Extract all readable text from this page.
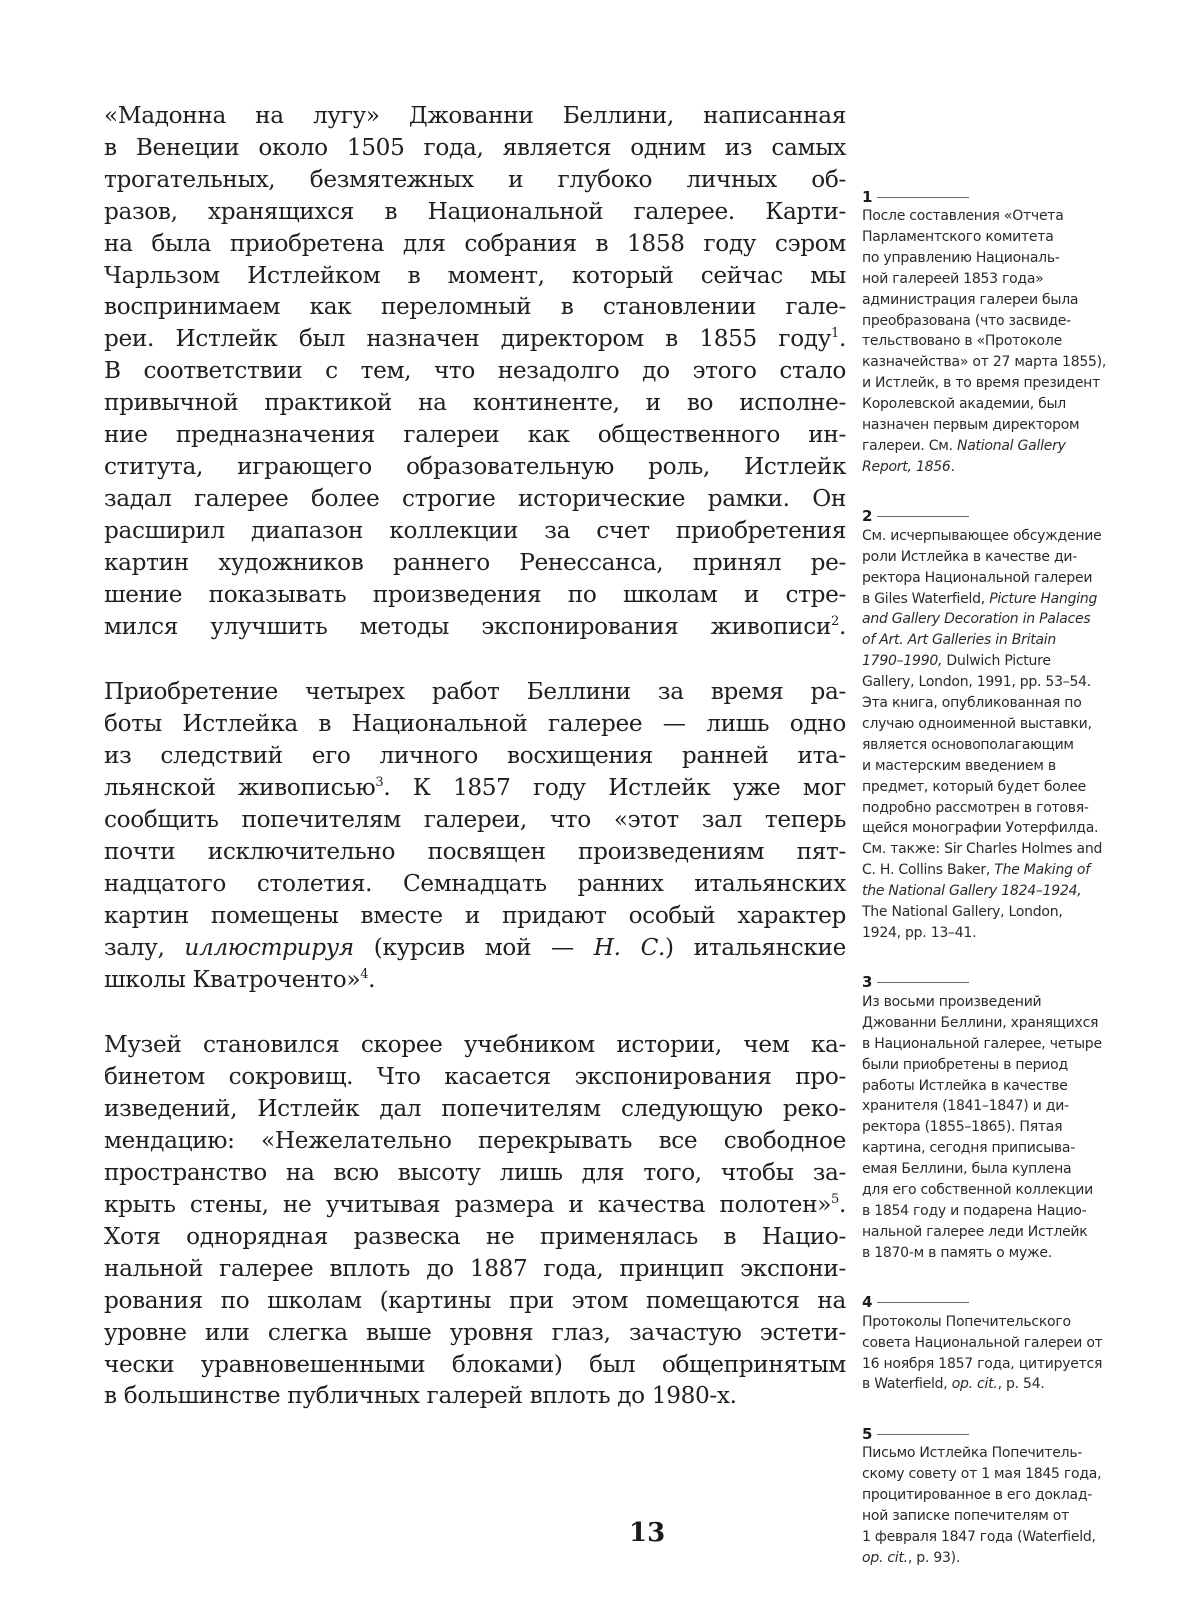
«Мадонна на лугу» Джованни Беллини, написанная
в Венеции около 1505 года, является одним из самых
трогательных, безмятежных и глубоко личных об-
разов, хранящихся в Национальной галерее. Карти-
на была приобретена для собрания в 1858 году сэром
Чарльзом Истлейком в момент, который сейчас мы
воспринимаем как переломный в становлении гале-
реи. Истлейк был назначен директором в 1855 году$^1$.
В соответствии с тем, что незадолго до этого стало
привычной практикой на континенте, и во исполне-
ние предназначения галереи как общественного ин-
ститута, играющего образовательную роль, Истлейк
задал галерее более строгие исторические рамки. Он
расширил диапазон коллекции за счет приобретения
картин художников раннего Ренессанса, принял ре-
шение показывать произведения по школам и стре-
мился улучшить методы экспонирования живописи$^2$.

Приобретение четырех работ Беллини за время ра-
боты Истлейка в Национальной галерее — лишь одно
из следствий его личного восхищения ранней ита-
льянской живописью$^3$. К 1857 году Истлейк уже мог
сообщить попечителям галереи, что «этот зал теперь
почти исключительно посвящен произведениям пят-
надцатого столетия. Семнадцать ранних итальянских
картин помещены вместе и придают особый характер
залу, иллюстрируя (курсив мой — Н. С.) итальянские
школы Кватроченто»$^4$.

Музей становился скорее учебником истории, чем ка-
бинетом сокровищ. Что касается экспонирования про-
изведений, Истлейк дал попечителям следующую реко-
мендацию: «Нежелательно перекрывать все свободное
пространство на всю высоту лишь для того, чтобы за-
крыть стены, не учитывая размера и качества полотен»$^5$.
Хотя однорядная развеска не применялась в Нацио-
нальной галерее вплоть до 1887 года, принцип экспони-
рования по школам (картины при этом помещаются на
уровне или слегка выше уровня глаз, зачастую эстети-
чески уравновешенными блоками) был общепринятым
в большинстве публичных галерей вплоть до 1980-х.

1
После составления «Отчета
Парламентского комитета
по управлению Националь-
ной галереей 1853 года»
администрация галереи была
преобразована (что засвиде-
тельствовано в «Протоколе
казначейства» от 27 марта 1855),
и Истлейк, в то время президент
Королевской академии, был
назначен первым директором
галереи. См. National Gallery
Report, 1856.
2
См. исчерпывающее обсуждение
роли Истлейка в качестве ди-
ректора Национальной галереи
в Giles Waterfield, Picture Hanging
and Gallery Decoration in Palaces
of Art. Art Galleries in Britain
1790–1990, Dulwich Picture
Gallery, London, 1991, pp. 53–54.
Эта книга, опубликованная по
случаю одноименной выставки,
является основополагающим
и мастерским введением в
предмет, который будет более
подробно рассмотрен в готовя-
щейся монографии Уотерфилда.
См. также: Sir Charles Holmes and
C. H. Collins Baker, The Making of
the National Gallery 1824–1924,
The National Gallery, London,
1924, pp. 13–41.
3
Из восьми произведений
Джованни Беллини, хранящихся
в Национальной галерее, четыре
были приобретены в период
работы Истлейка в качестве
хранителя (1841–1847) и ди-
ректора (1855–1865). Пятая
картина, сегодня приписыва-
емая Беллини, была куплена
для его собственной коллекции
в 1854 году и подарена Нацио-
нальной галерее леди Истлейк
в 1870-м в память о муже.
4
Протоколы Попечительского
совета Национальной галереи от
16 ноября 1857 года, цитируется
в Waterfield, op. cit., p. 54.
5
Письмо Истлейка Попечитель-
скому совету от 1 мая 1845 года,
процитированное в его доклад-
ной записке попечителям от
1 февраля 1847 года (Waterfield,
op. cit., p. 93).
13
